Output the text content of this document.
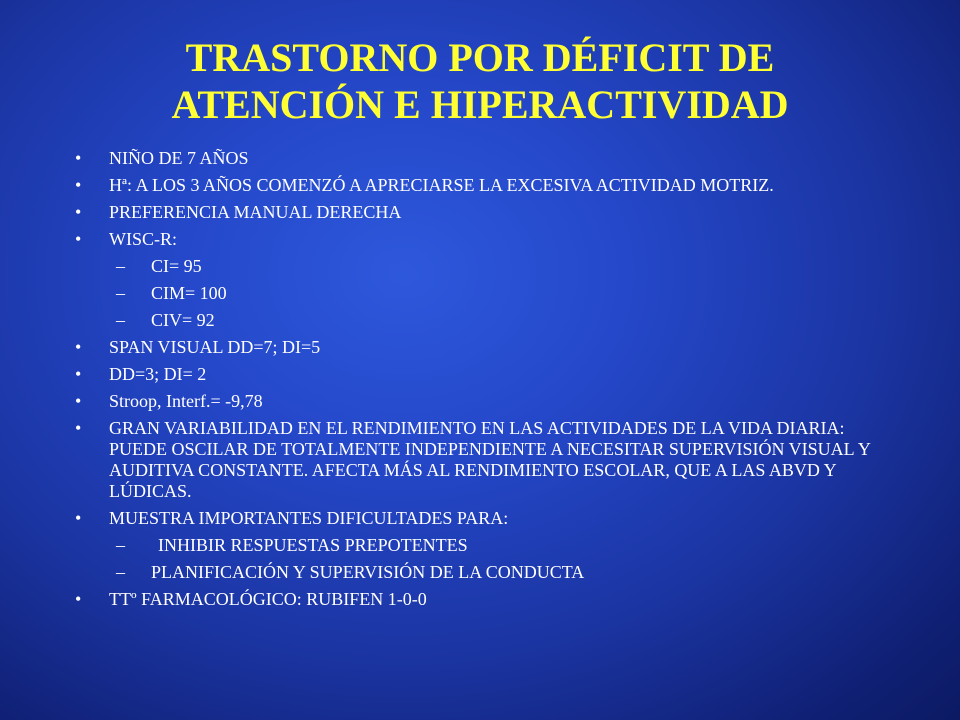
TRASTORNO POR DÉFICIT DE
ATENCIÓN E HIPERACTIVIDAD
•	NIÑO DE 7 AÑOS
•	Hª: A LOS 3 AÑOS COMENZÓ A APRECIARSE LA EXCESIVA ACTIVIDAD MOTRIZ.
•	PREFERENCIA MANUAL DERECHA
•	WISC-R:
–	CI= 95
–	CIM= 100
–	CIV= 92
•	SPAN VISUAL DD=7; DI=5
•	DD=3; DI= 2
•	Stroop, Interf.= -9,78
•	GRAN VARIABILIDAD EN EL RENDIMIENTO EN LAS ACTIVIDADES DE LA VIDA DIARIA: PUEDE OSCILAR DE TOTALMENTE INDEPENDIENTE A NECESITAR SUPERVISIÓN VISUAL Y AUDITIVA CONSTANTE. AFECTA MÁS AL RENDIMIENTO ESCOLAR, QUE A LAS ABVD Y LÚDICAS.
•	MUESTRA IMPORTANTES DIFICULTADES PARA:
–	INHIBIR RESPUESTAS PREPOTENTES
–	PLANIFICACIÓN Y SUPERVISIÓN DE LA CONDUCTA
•	TTº FARMACOLÓGICO: RUBIFEN 1-0-0
